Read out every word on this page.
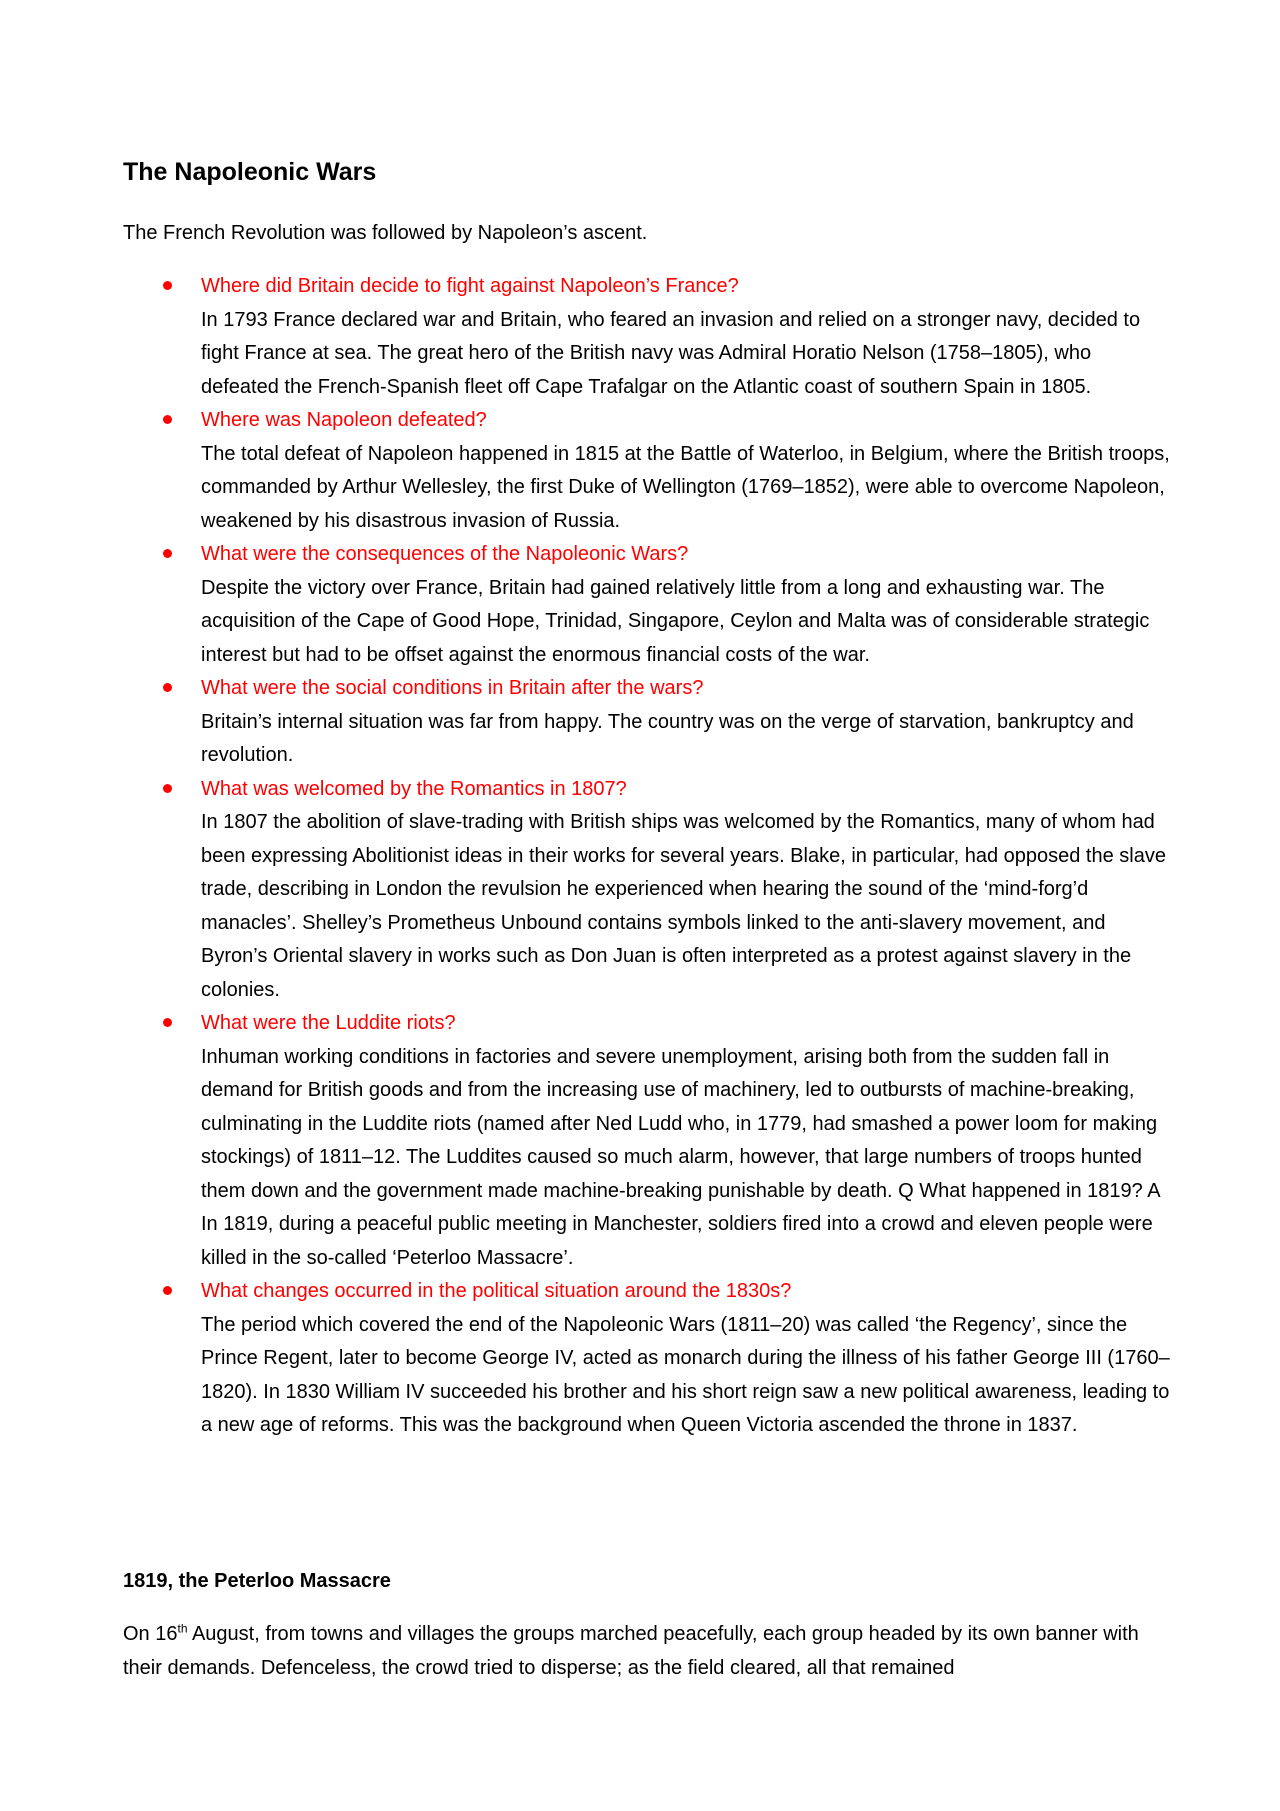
The Napoleonic Wars

The French Revolution was followed by Napoleon’s ascent.

Where did Britain decide to fight against Napoleon’s France?
In 1793 France declared war and Britain, who feared an invasion and relied on a stronger navy, decided to fight France at sea. The great hero of the British navy was Admiral Horatio Nelson (1758–1805), who defeated the French-Spanish fleet off Cape Trafalgar on the Atlantic coast of southern Spain in 1805.
Where was Napoleon defeated?
The total defeat of Napoleon happened in 1815 at the Battle of Waterloo, in Belgium, where the British troops, commanded by Arthur Wellesley, the first Duke of Wellington (1769–1852), were able to overcome Napoleon, weakened by his disastrous invasion of Russia.
What were the consequences of the Napoleonic Wars?
Despite the victory over France, Britain had gained relatively little from a long and exhausting war. The acquisition of the Cape of Good Hope, Trinidad, Singapore, Ceylon and Malta was of considerable strategic interest but had to be offset against the enormous financial costs of the war.
What were the social conditions in Britain after the wars?
Britain’s internal situation was far from happy. The country was on the verge of starvation, bankruptcy and revolution.
What was welcomed by the Romantics in 1807?
In 1807 the abolition of slave-trading with British ships was welcomed by the Romantics, many of whom had been expressing Abolitionist ideas in their works for several years. Blake, in particular, had opposed the slave trade, describing in London the revulsion he experienced when hearing the sound of the ‘mind-forg’d manacles’. Shelley’s Prometheus Unbound contains symbols linked to the anti-slavery movement, and Byron’s Oriental slavery in works such as Don Juan is often interpreted as a protest against slavery in the colonies.
What were the Luddite riots?
Inhuman working conditions in factories and severe unemployment, arising both from the sudden fall in demand for British goods and from the increasing use of machinery, led to outbursts of machine-breaking, culminating in the Luddite riots (named after Ned Ludd who, in 1779, had smashed a power loom for making stockings) of 1811–12. The Luddites caused so much alarm, however, that large numbers of troops hunted them down and the government made machine-breaking punishable by death. Q What happened in 1819? A In 1819, during a peaceful public meeting in Manchester, soldiers fired into a crowd and eleven people were killed in the so-called ‘Peterloo Massacre’.
What changes occurred in the political situation around the 1830s?
The period which covered the end of the Napoleonic Wars (1811–20) was called ‘the Regency’, since the Prince Regent, later to become George IV, acted as monarch during the illness of his father George III (1760–1820). In 1830 William IV succeeded his brother and his short reign saw a new political awareness, leading to a new age of reforms. This was the background when Queen Victoria ascended the throne in 1837.
1819, the Peterloo Massacre

On 16th August, from towns and villages the groups marched peacefully, each group headed by its own banner with their demands. Defenceless, the crowd tried to disperse; as the field cleared, all that remained
